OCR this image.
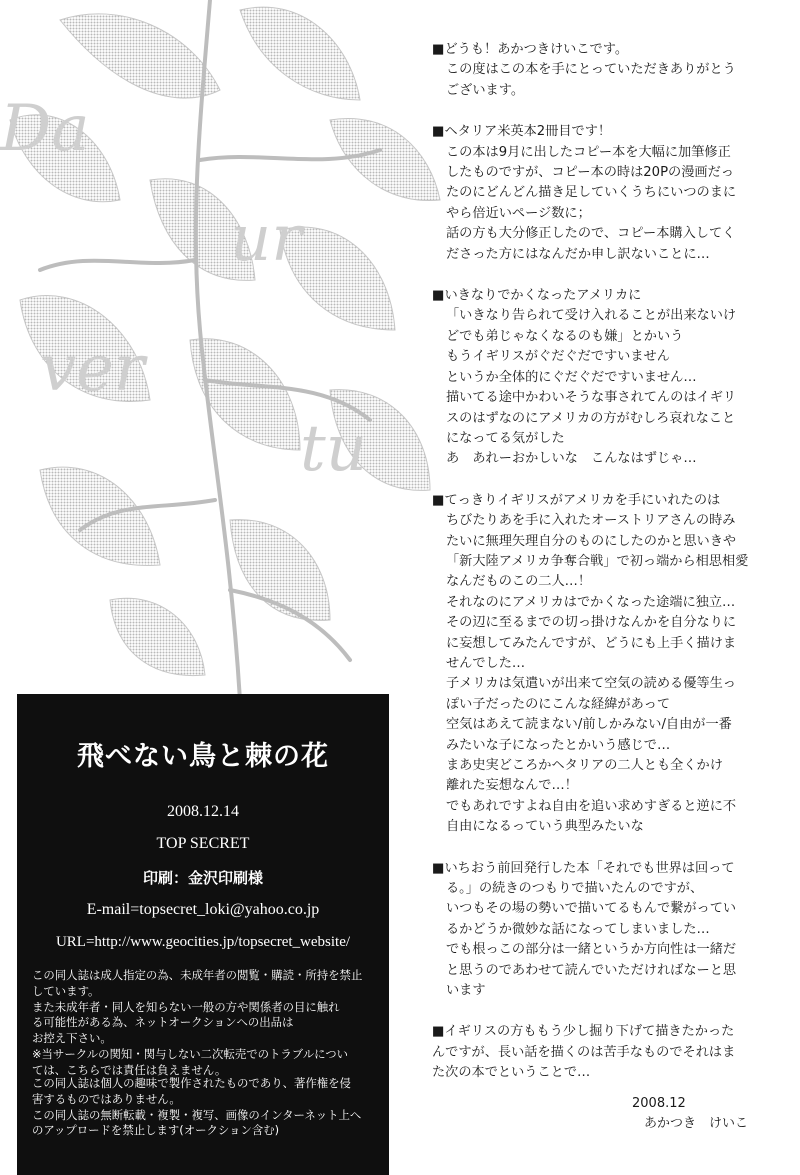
Da
ur
ver
tu
■どうも！あかつきけいこです。
この度はこの本を手にとっていただきありがとう
ございます。
■ヘタリア米英本2冊目です！
この本は9月に出したコピー本を大幅に加筆修正
したものですが、コピー本の時は20Pの漫画だっ
たのにどんどん描き足していくうちにいつのまに
やら倍近いページ数に；
話の方も大分修正したので、コピー本購入してく
ださった方にはなんだか申し訳ないことに…
■いきなりでかくなったアメリカに
「いきなり告られて受け入れることが出来ないけ
どでも弟じゃなくなるのも嫌」とかいう
もうイギリスがぐだぐだですいません
というか全体的にぐだぐだですいません…
描いてる途中かわいそうな事されてんのはイギリ
スのはずなのにアメリカの方がむしろ哀れなこと
になってる気がした
あ　あれーおかしいな　こんなはずじゃ…
■てっきりイギリスがアメリカを手にいれたのは
ちびたりあを手に入れたオーストリアさんの時み
たいに無理矢理自分のものにしたのかと思いきや
「新大陸アメリカ争奪合戦」で初っ端から相思相愛
なんだものこの二人…！
それなのにアメリカはでかくなった途端に独立…
その辺に至るまでの切っ掛けなんかを自分なりに
に妄想してみたんですが、どうにも上手く描けま
せんでした…
子メリカは気遣いが出来て空気の読める優等生っ
ぽい子だったのにこんな経緯があって
空気はあえて読まない/前しかみない/自由が一番
みたいな子になったとかいう感じで…
まあ史実どころかヘタリアの二人とも全くかけ
離れた妄想なんで…！
でもあれですよね自由を追い求めすぎると逆に不
自由になるっていう典型みたいな
■いちおう前回発行した本「それでも世界は回って
る。」の続きのつもりで描いたんのですが、
いつもその場の勢いで描いてるもんで繋がってい
るかどうか微妙な話になってしまいました…
でも根っこの部分は一緒というか方向性は一緒だ
と思うのであわせて読んでいただければなーと思
います
■イギリスの方ももう少し掘り下げて描きたかった
んですが、長い話を描くのは苦手なものでそれはま
た次の本でということで…
2008.12
あかつき　けいこ
飛べない鳥と棘の花
2008.12.14
TOP SECRET
印刷：金沢印刷様
E-mail=topsecret_loki@yahoo.co.jp
URL=http://www.geocities.jp/topsecret_website/
この同人誌は成人指定の為、未成年者の閲覧・購読・所持を禁止
しています。
また未成年者・同人を知らない一般の方や関係者の目に触れ
る可能性がある為、ネットオークションへの出品は
お控え下さい。
※当サークルの関知・関与しない二次転売でのトラブルについ
ては、こちらでは責任は負えません。
この同人誌は個人の趣味で製作されたものであり、著作権を侵
害するものではありません。
この同人誌の無断転載・複製・複写、画像のインターネット上へ
のアップロードを禁止します(オークション含む)
